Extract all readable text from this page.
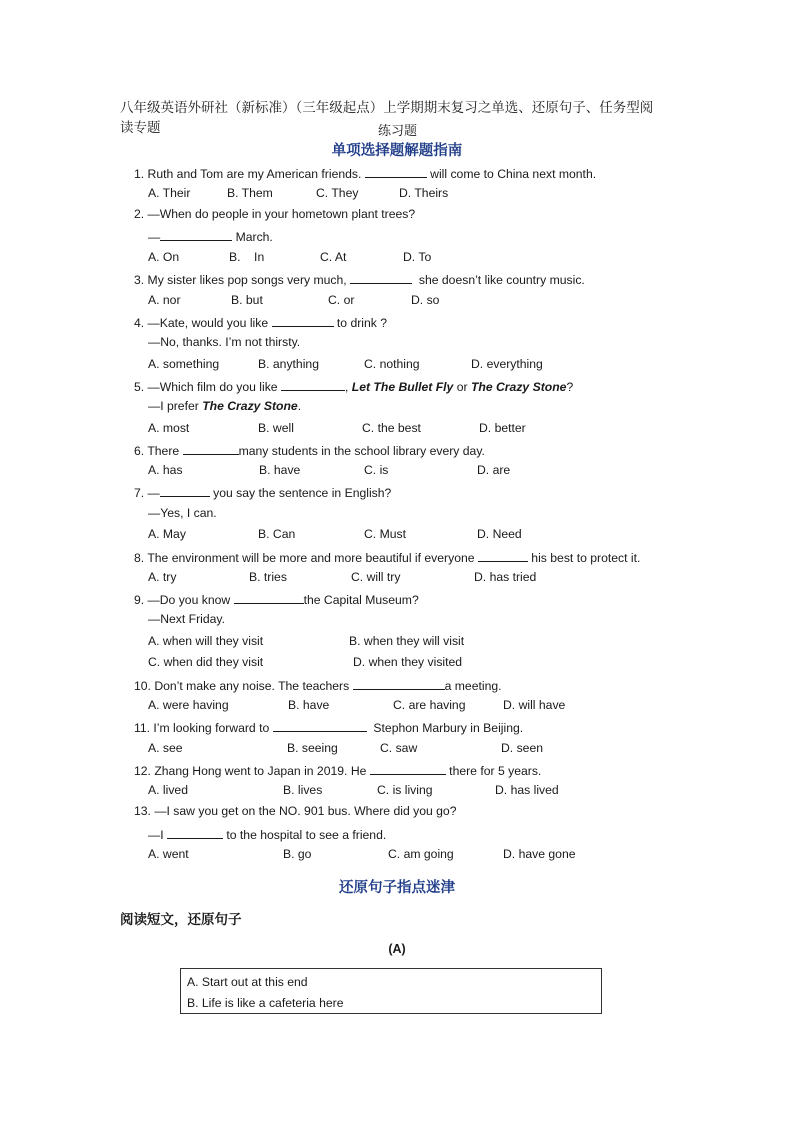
八年级英语外研社（新标准）（三年级起点）上学期期末复习之单选、还原句子、任务型阅
读专题	练习题
单项选择题解题指南
1. Ruth and Tom are my American friends.	will come to China next month.
A. Their	B. Them	C. They	D. Theirs
2. —When do people in your hometown plant trees?
—	March.
A. On	B.    In	C. At	D. To
3. My sister likes pop songs very much,	she doesn’t like country music.
A. nor	B. but	C. or	D. so
4. —Kate, would you like	to drink ?
—No, thanks. I’m not thirsty.
A. something	B. anything	C. nothing	D. everything
5. —Which film do you like	, Let The Bullet Fly or The Crazy Stone?
—I prefer The Crazy Stone.
A. most	B. well	C. the best	D. better
6. There	many students in the school library every day.
A. has	B. have	C. is	D. are
7. —	you say the sentence in English?
—Yes, I can.
A. May	B. Can	C. Must	D. Need
8. The environment will be more and more beautiful if everyone	his best to protect it.
A. try	B. tries	C. will try	D. has tried
9. —Do you know	the Capital Museum?
—Next Friday.
A. when will they visit	B. when they will visit
C. when did they visit	D. when they visited
10. Don’t make any noise. The teachers	a meeting.
A. were having	B. have	C. are having	D. will have
11. I’m looking forward to	Stephon Marbury in Beijing.
A. see	B. seeing	C. saw	D. seen
12. Zhang Hong went to Japan in 2019. He	there for 5 years.
A. lived	B. lives	C. is living	D. has lived
13. —I saw you get on the NO. 901 bus. Where did you go?
—I	to the hospital to see a friend.
A. went	B. go	C. am going	D. have gone
还原句子指点迷津
阅读短文，还原句子
(A)
A. Start out at this end
B. Life is like a cafeteria here
